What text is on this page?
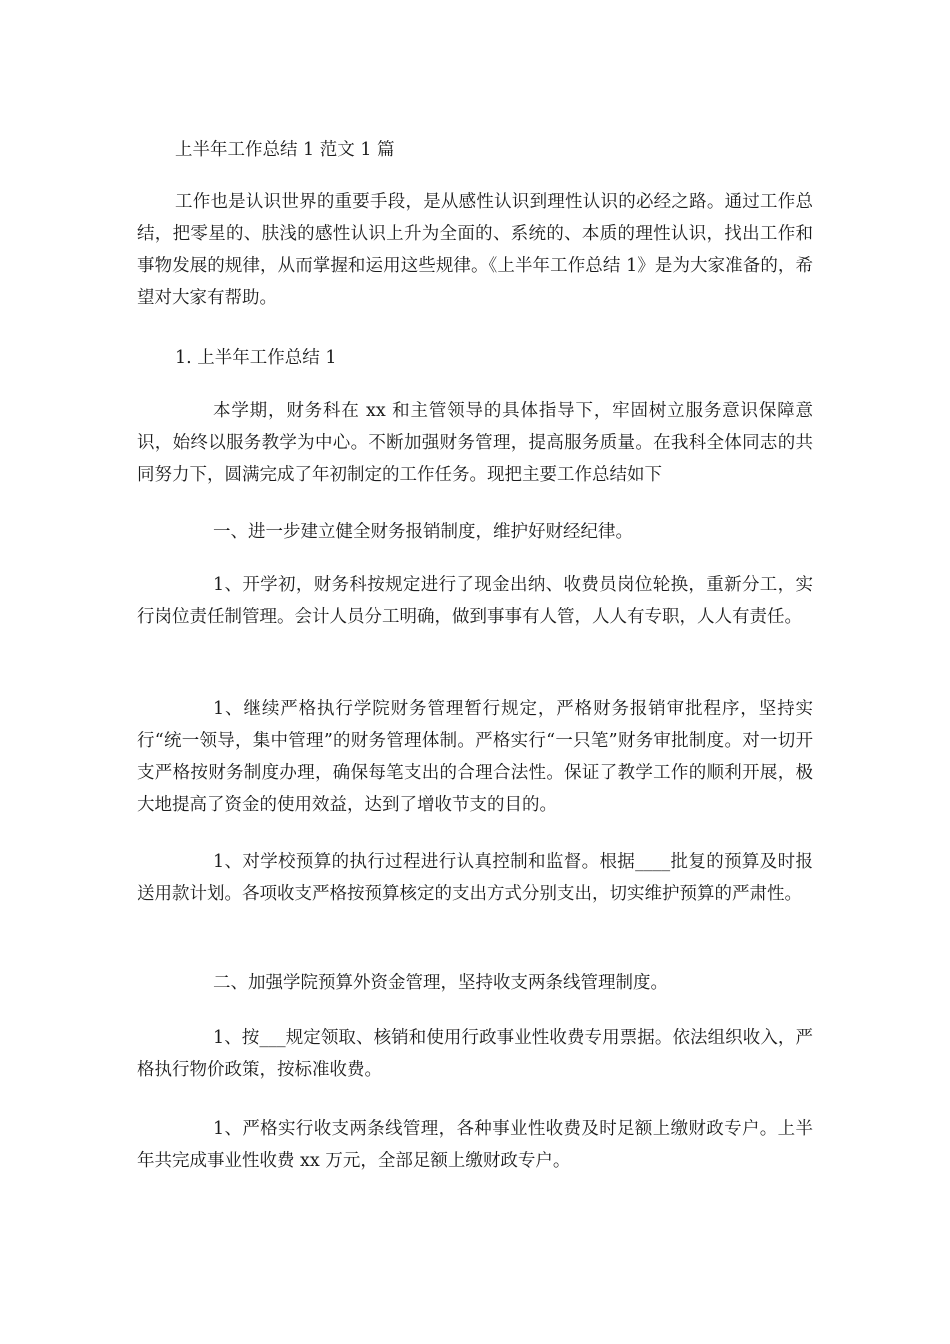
上半年工作总结 1 范文 1 篇

工作也是认识世界的重要手段，是从感性认识到理性认识的必经之路。通过工作总结，把零星的、肤浅的感性认识上升为全面的、系统的、本质的理性认识，找出工作和事物发展的规律，从而掌握和运用这些规律。《上半年工作总结 1》是为大家准备的，希望对大家有帮助。

1. 上半年工作总结 1

本学期，财务科在 xx 和主管领导的具体指导下，牢固树立服务意识保障意识，始终以服务教学为中心。不断加强财务管理，提高服务质量。在我科全体同志的共同努力下，圆满完成了年初制定的工作任务。现把主要工作总结如下

一、进一步建立健全财务报销制度，维护好财经纪律。

1、开学初，财务科按规定进行了现金出纳、收费员岗位轮换，重新分工，实行岗位责任制管理。会计人员分工明确，做到事事有人管，人人有专职，人人有责任。

1、继续严格执行学院财务管理暂行规定，严格财务报销审批程序，坚持实行“统一领导，集中管理”的财务管理体制。严格实行“一只笔”财务审批制度。对一切开支严格按财务制度办理，确保每笔支出的合理合法性。保证了教学工作的顺利开展，极大地提高了资金的使用效益，达到了增收节支的目的。

1、对学校预算的执行过程进行认真控制和监督。根据____批复的预算及时报送用款计划。各项收支严格按预算核定的支出方式分别支出，切实维护预算的严肃性。

二、加强学院预算外资金管理，坚持收支两条线管理制度。

1、按___规定领取、核销和使用行政事业性收费专用票据。依法组织收入，严格执行物价政策，按标准收费。

1、严格实行收支两条线管理，各种事业性收费及时足额上缴财政专户。上半年共完成事业性收费 xx 万元，全部足额上缴财政专户。
